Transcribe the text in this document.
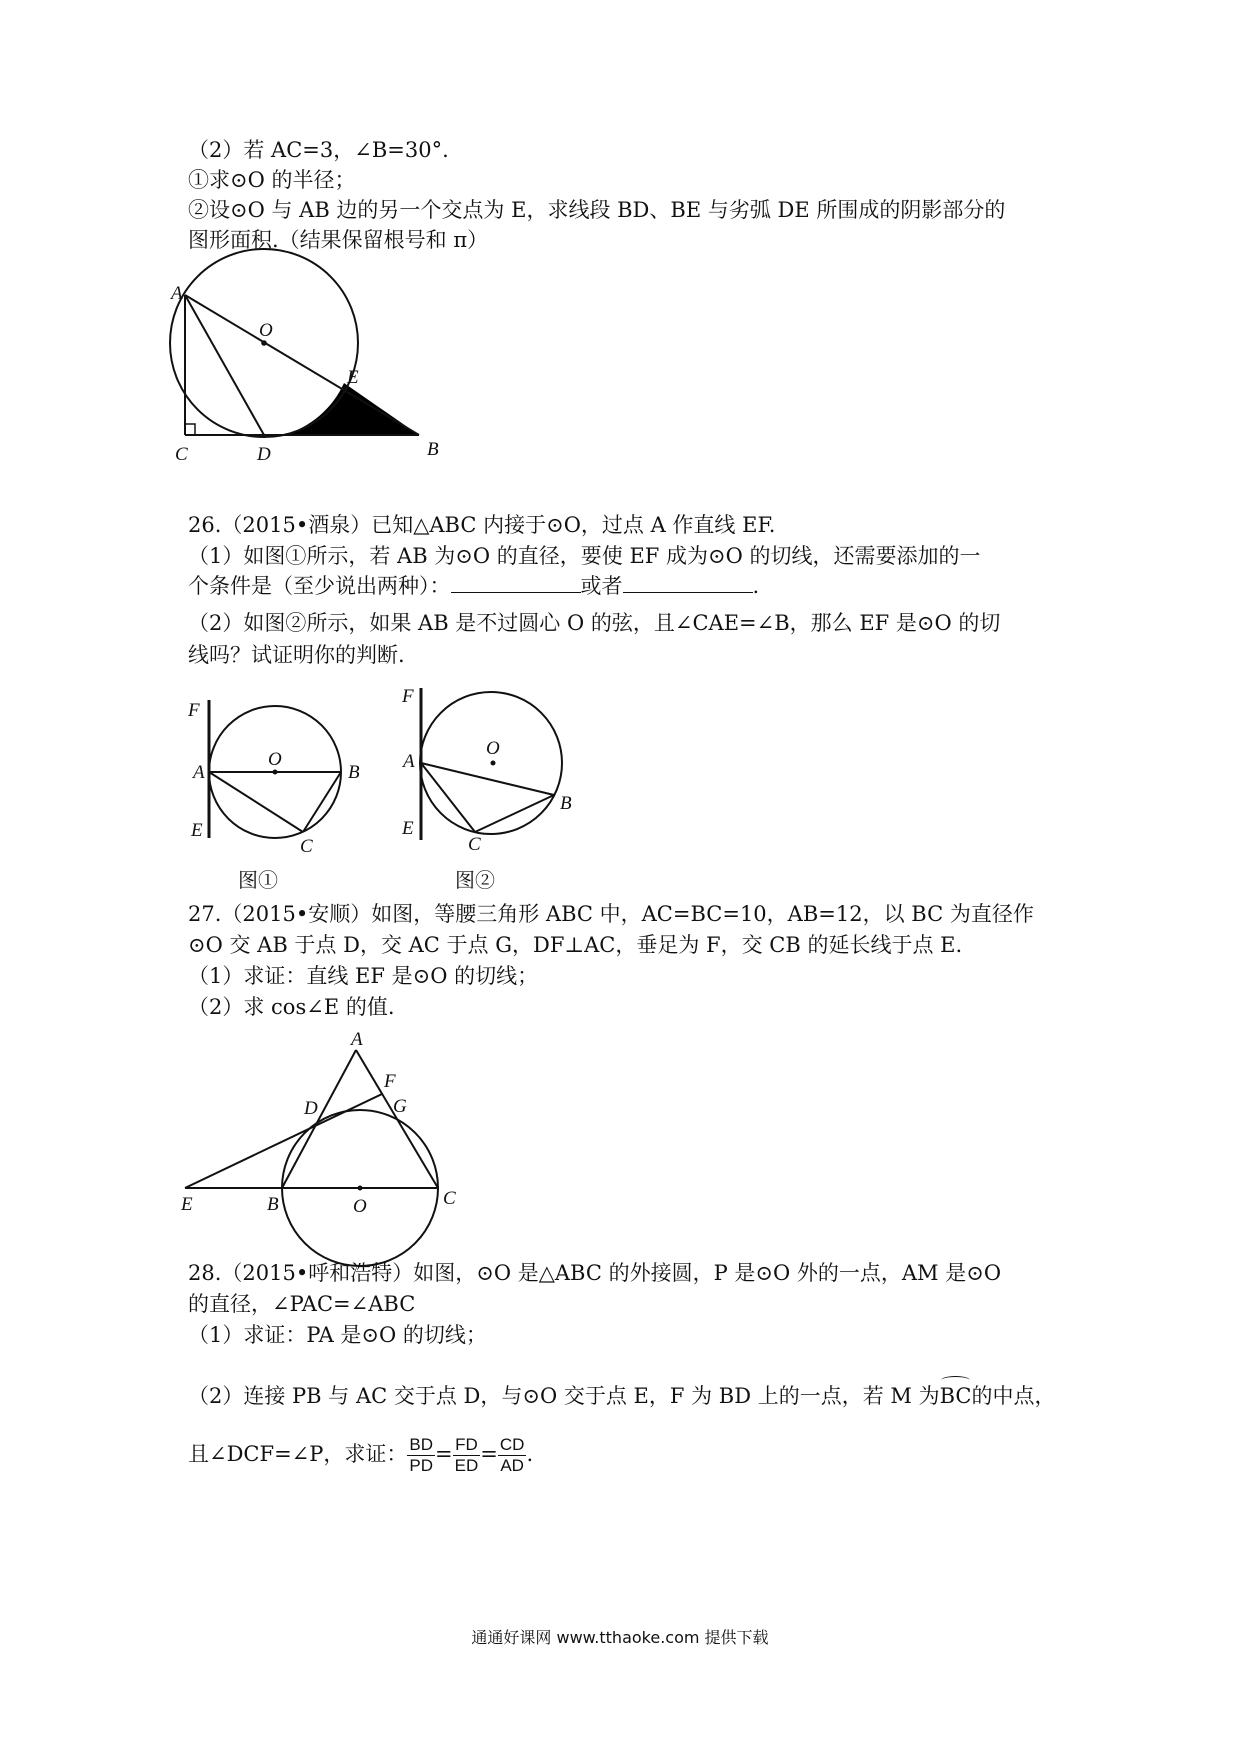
（2）若 AC=3，∠B=30°.
①求⊙O 的半径；
②设⊙O 与 AB 边的另一个交点为 E，求线段 BD、BE 与劣弧 DE 所围成的阴影部分的
图形面积.（结果保留根号和 π）
A
O
E
C	D	B
26.（2015•酒泉）已知△ABC 内接于⊙O，过点 A 作直线 EF.
（1）如图①所示，若 AB 为⊙O 的直径，要使 EF 成为⊙O 的切线，还需要添加的一
个条件是（至少说出两种）：	或者	.
（2）如图②所示，如果 AB 是不过圆心 O 的弦，且∠CAE=∠B，那么 EF 是⊙O 的切
线吗？试证明你的判断.
F
O
A	B
E
C
图①
F
O
A
B
E
C
图②
27.（2015•安顺）如图，等腰三角形 ABC 中，AC=BC=10，AB=12，以 BC 为直径作
⊙O 交 AB 于点 D，交 AC 于点 G，DF⊥AC，垂足为 F，交 CB 的延长线于点 E.
（1）求证：直线 EF 是⊙O 的切线；
（2）求 cos∠E 的值.
A
F
G
D
E	B	O	C
28.（2015•呼和浩特）如图，⊙O 是△ABC 的外接圆，P 是⊙O 外的一点，AM 是⊙O
的直径，∠PAC=∠ABC
（1）求证：PA 是⊙O 的切线；
（2）连接 PB 与 AC 交于点 D，与⊙O 交于点 E，F 为 BD 上的一点，若 M 为BC的中点，
且∠DCF=∠P，求证： $\frac{BD}{PD} = \frac{FD}{ED} = \frac{CD}{AD}$ .
通通好课网 www.tthaoke.com 提供下载
